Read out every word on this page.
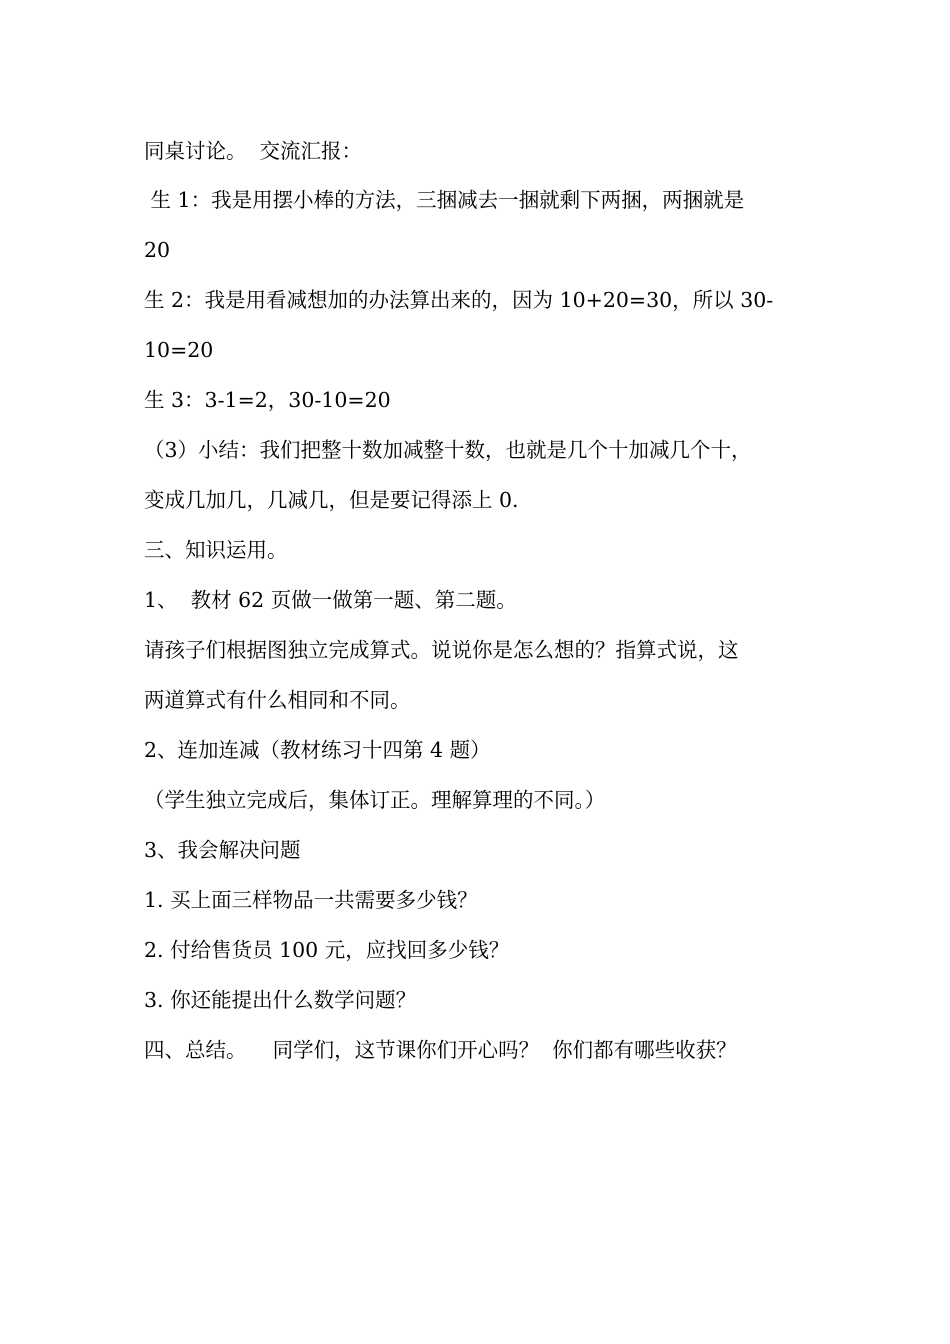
同桌讨论。  交流汇报：
生 1：我是用摆小棒的方法，三捆减去一捆就剩下两捆，两捆就是
20
生 2：我是用看减想加的办法算出来的，因为 10+20=30，所以 30-
10=20
生 3：3-1=2，30-10=20
（3）小结：我们把整十数加减整十数，也就是几个十加减几个十，
变成几加几，几减几，但是要记得添上 0.
三、知识运用。
1、  教材 62 页做一做第一题、第二题。
请孩子们根据图独立完成算式。说说你是怎么想的？指算式说，这
两道算式有什么相同和不同。
2、连加连减（教材练习十四第 4 题）
（学生独立完成后，集体订正。理解算理的不同。）
3、我会解决问题
1. 买上面三样物品一共需要多少钱？
2. 付给售货员 100 元，应找回多少钱？
3. 你还能提出什么数学问题？
四、总结。    同学们，这节课你们开心吗？  你们都有哪些收获？
